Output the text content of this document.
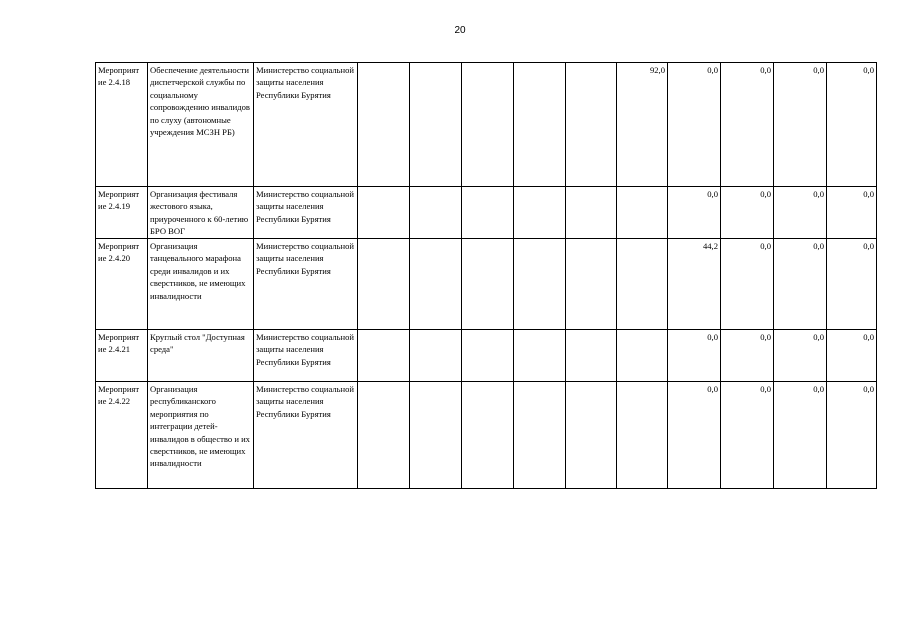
20
Мероприят ие 2.4.18	Обеспечение деятельности диспетчерской службы по социальному сопровождению инвалидов по слуху (автономные учреждения МСЗН РБ)	Министерство социальной защиты населения Республики Бурятия						92,0	0,0	0,0	0,0	0,0
Мероприят ие 2.4.19	Организация фестиваля жестового языка, приуроченного к 60-летию БРО ВОГ	Министерство социальной защиты населения Республики Бурятия							0,0	0,0	0,0	0,0
Мероприят ие 2.4.20	Организация танцевального марафона среди инвалидов и их сверстников, не имеющих инвалидности	Министерство социальной защиты населения Республики Бурятия							44,2	0,0	0,0	0,0
Мероприят ие 2.4.21	Круглый стол "Доступная среда"	Министерство социальной защиты населения Республики Бурятия							0,0	0,0	0,0	0,0
Мероприят ие 2.4.22	Организация республиканского мероприятия по интеграции детей-инвалидов в общество и их сверстников, не имеющих инвалидности	Министерство социальной защиты населения Республики Бурятия							0,0	0,0	0,0	0,0
